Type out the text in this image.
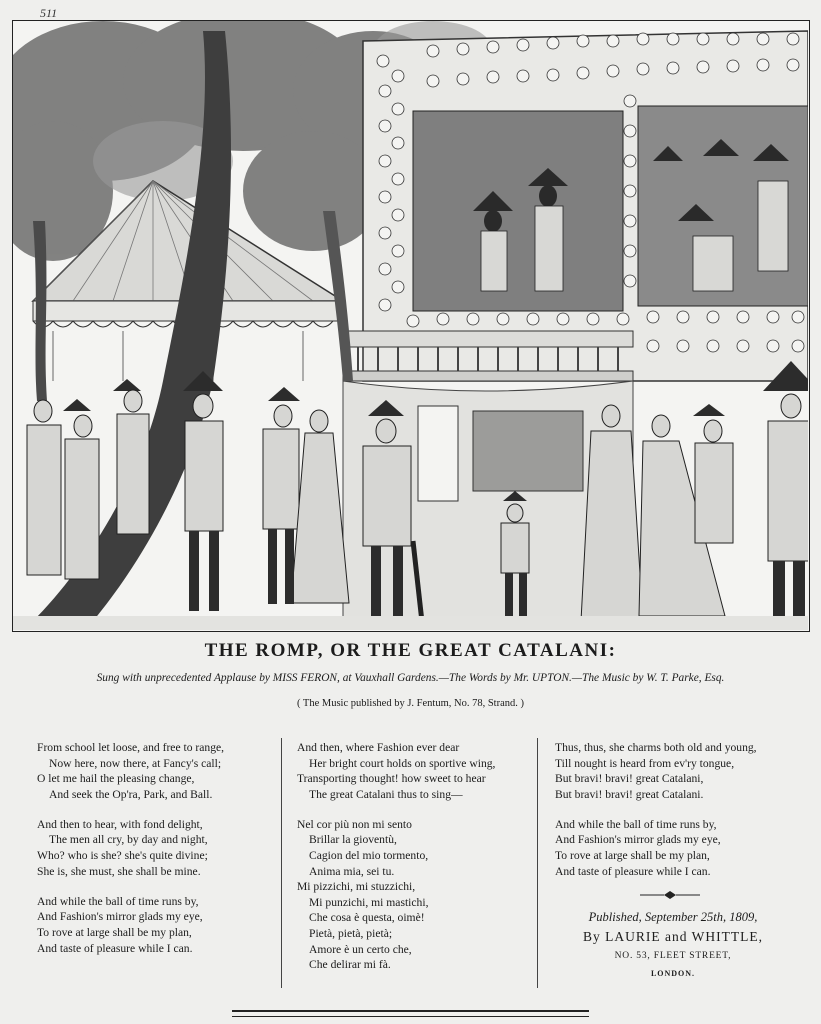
511
THE ROMP, OR THE GREAT CATALANI:

Sung with unprecedented Applause by MISS FERON, at Vauxhall Gardens.—The Words by Mr. UPTON.—The Music by W. T. Parke, Esq.

( The Music published by J. Fentum, No. 78, Strand. )

From school let loose, and free to range,
Now here, now there, at Fancy's call;
O let me hail the pleasing change,
And seek the Op'ra, Park, and Ball.
And then to hear, with fond delight,
The men all cry, by day and night,
Who? who is she? she's quite divine;
She is, she must, she shall be mine.
And while the ball of time runs by,
And Fashion's mirror glads my eye,
To rove at large shall be my plan,
And taste of pleasure while I can.
And then, where Fashion ever dear
Her bright court holds on sportive wing,
Transporting thought! how sweet to hear
The great Catalani thus to sing—
Nel cor più non mi sento
Brillar la gioventù,
Cagion del mio tormento,
Anima mia, sei tu.
Mi pizzichi, mi stuzzichi,
Mi punzichi, mi mastichi,
Che cosa è questa, oimè!
Pietà, pietà, pietà;
Amore è un certo che,
Che delirar mi fà.
Thus, thus, she charms both old and young,
Till nought is heard from ev'ry tongue,
But bravi! bravi! great Catalani,
But bravi! bravi! great Catalani.
And while the ball of time runs by,
And Fashion's mirror glads my eye,
To rove at large shall be my plan,
And taste of pleasure while I can.
Published, September 25th, 1809,
By LAURIE and WHITTLE,
NO. 53, FLEET STREET,
LONDON.
